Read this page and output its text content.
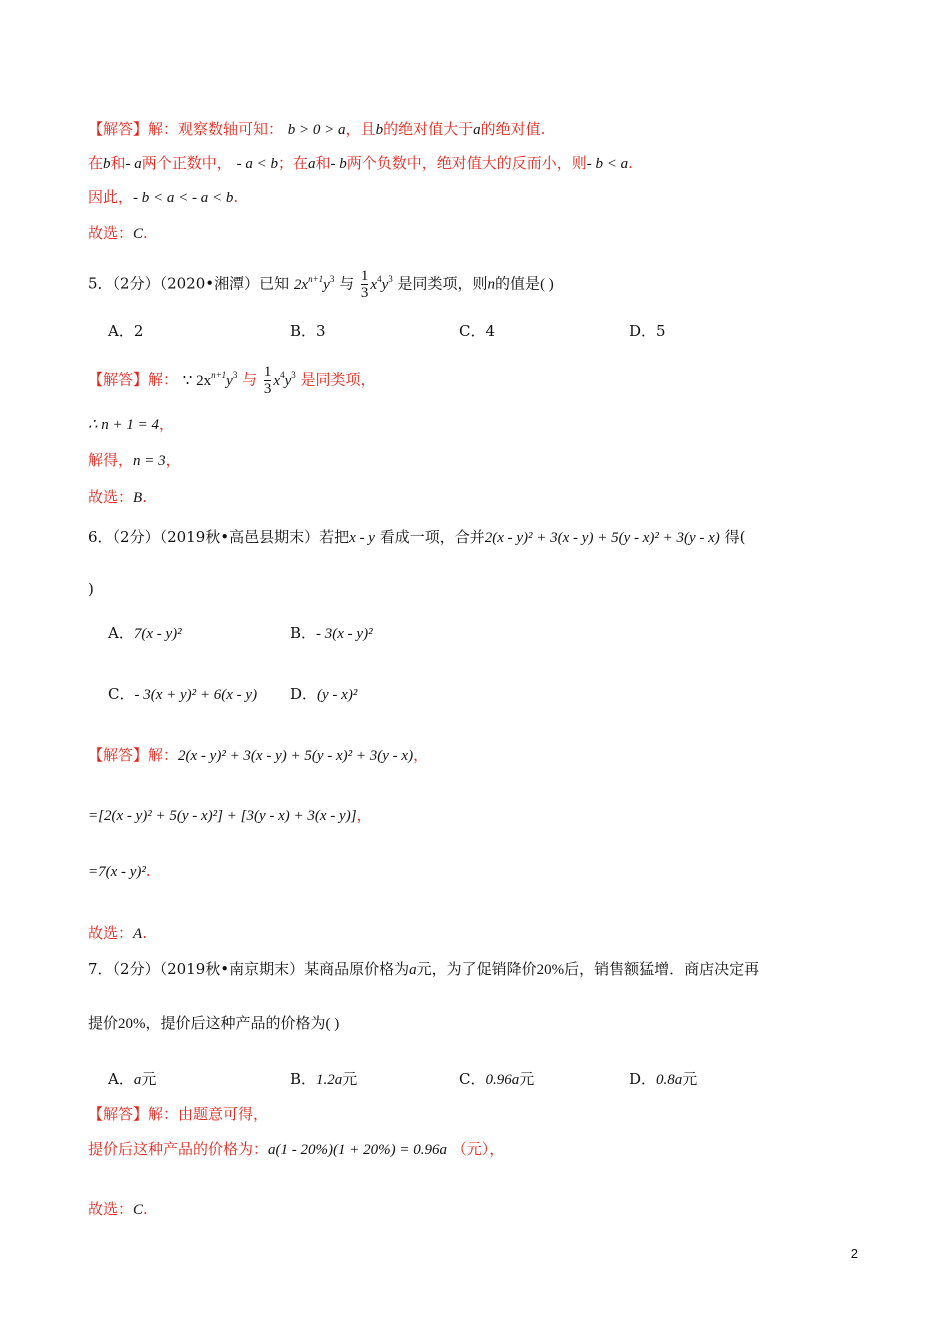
【解答】解：观察数轴可知： b > 0 > a，且b的绝对值大于a的绝对值.
在b和- a两个正数中， - a < b；在a和- b两个负数中，绝对值大的反而小，则- b < a.
因此，- b < a < - a < b.
故选：C.
5．（2分）（2020•湘潭）已知 $2x^{n+1}y^3$ 与 $\frac{1}{3} x^4y^3$ 是同类项，则n的值是( )
A．2	B．3	C．4	D．5
【解答】解： ∵ $2x^{n+1}y^3$ 与 $\frac{1}{3} x^4y^3$ 是同类项，
∴ n + 1 = 4，
解得，n = 3，
故选：B.
6．（2分）（2019秋•高邑县期末）若把x - y 看成一项，合并2(x - y)² + 3(x - y) + 5(y - x)² + 3(y - x) 得(
)
A．7(x - y)²	B．- 3(x - y)²
C．- 3(x + y)² + 6(x - y) D．(y - x)²
【解答】解：2(x - y)² + 3(x - y) + 5(y - x)² + 3(y - x)，
=[2(x - y)² + 5(y - x)²] + [3(y - x) + 3(x - y)]，
=7(x - y)².
故选：A.
7．（2分）（2019秋•南京期末）某商品原价格为a元，为了促销降价20%后，销售额猛增．商店决定再
提价20%，提价后这种产品的价格为( )
A．a元	B．1.2a元	C．0.96a元	D．0.8a元
【解答】解：由题意可得，
提价后这种产品的价格为：a(1 - 20%)(1 + 20%) = 0.96a （元），
故选：C.
2
